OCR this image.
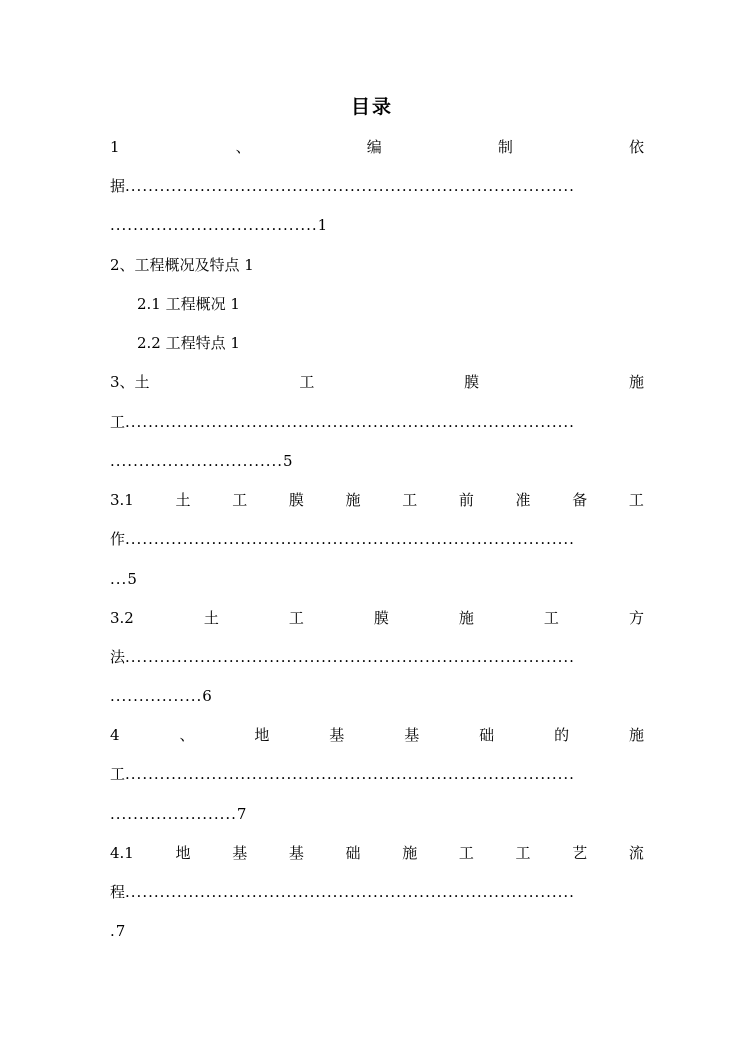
目录
1	、	编	制	依
据 ..............................................................................
.................................... 1
2、工程概况及特点 1
2.1 工程概况 1
2.2 工程特点 1
3、土	工	膜	施
工 ..............................................................................
.............................. 5
3.1	土	工	膜	施	工	前	准	备	工
作 ..............................................................................
... 5
3.2	土	工	膜	施	工	方
法 ..............................................................................
................ 6
4	、	地	基	基	础	的	施
工 ..............................................................................
...................... 7
4.1	地	基	基	础	施	工	工	艺	流
程 ..............................................................................
. 7
